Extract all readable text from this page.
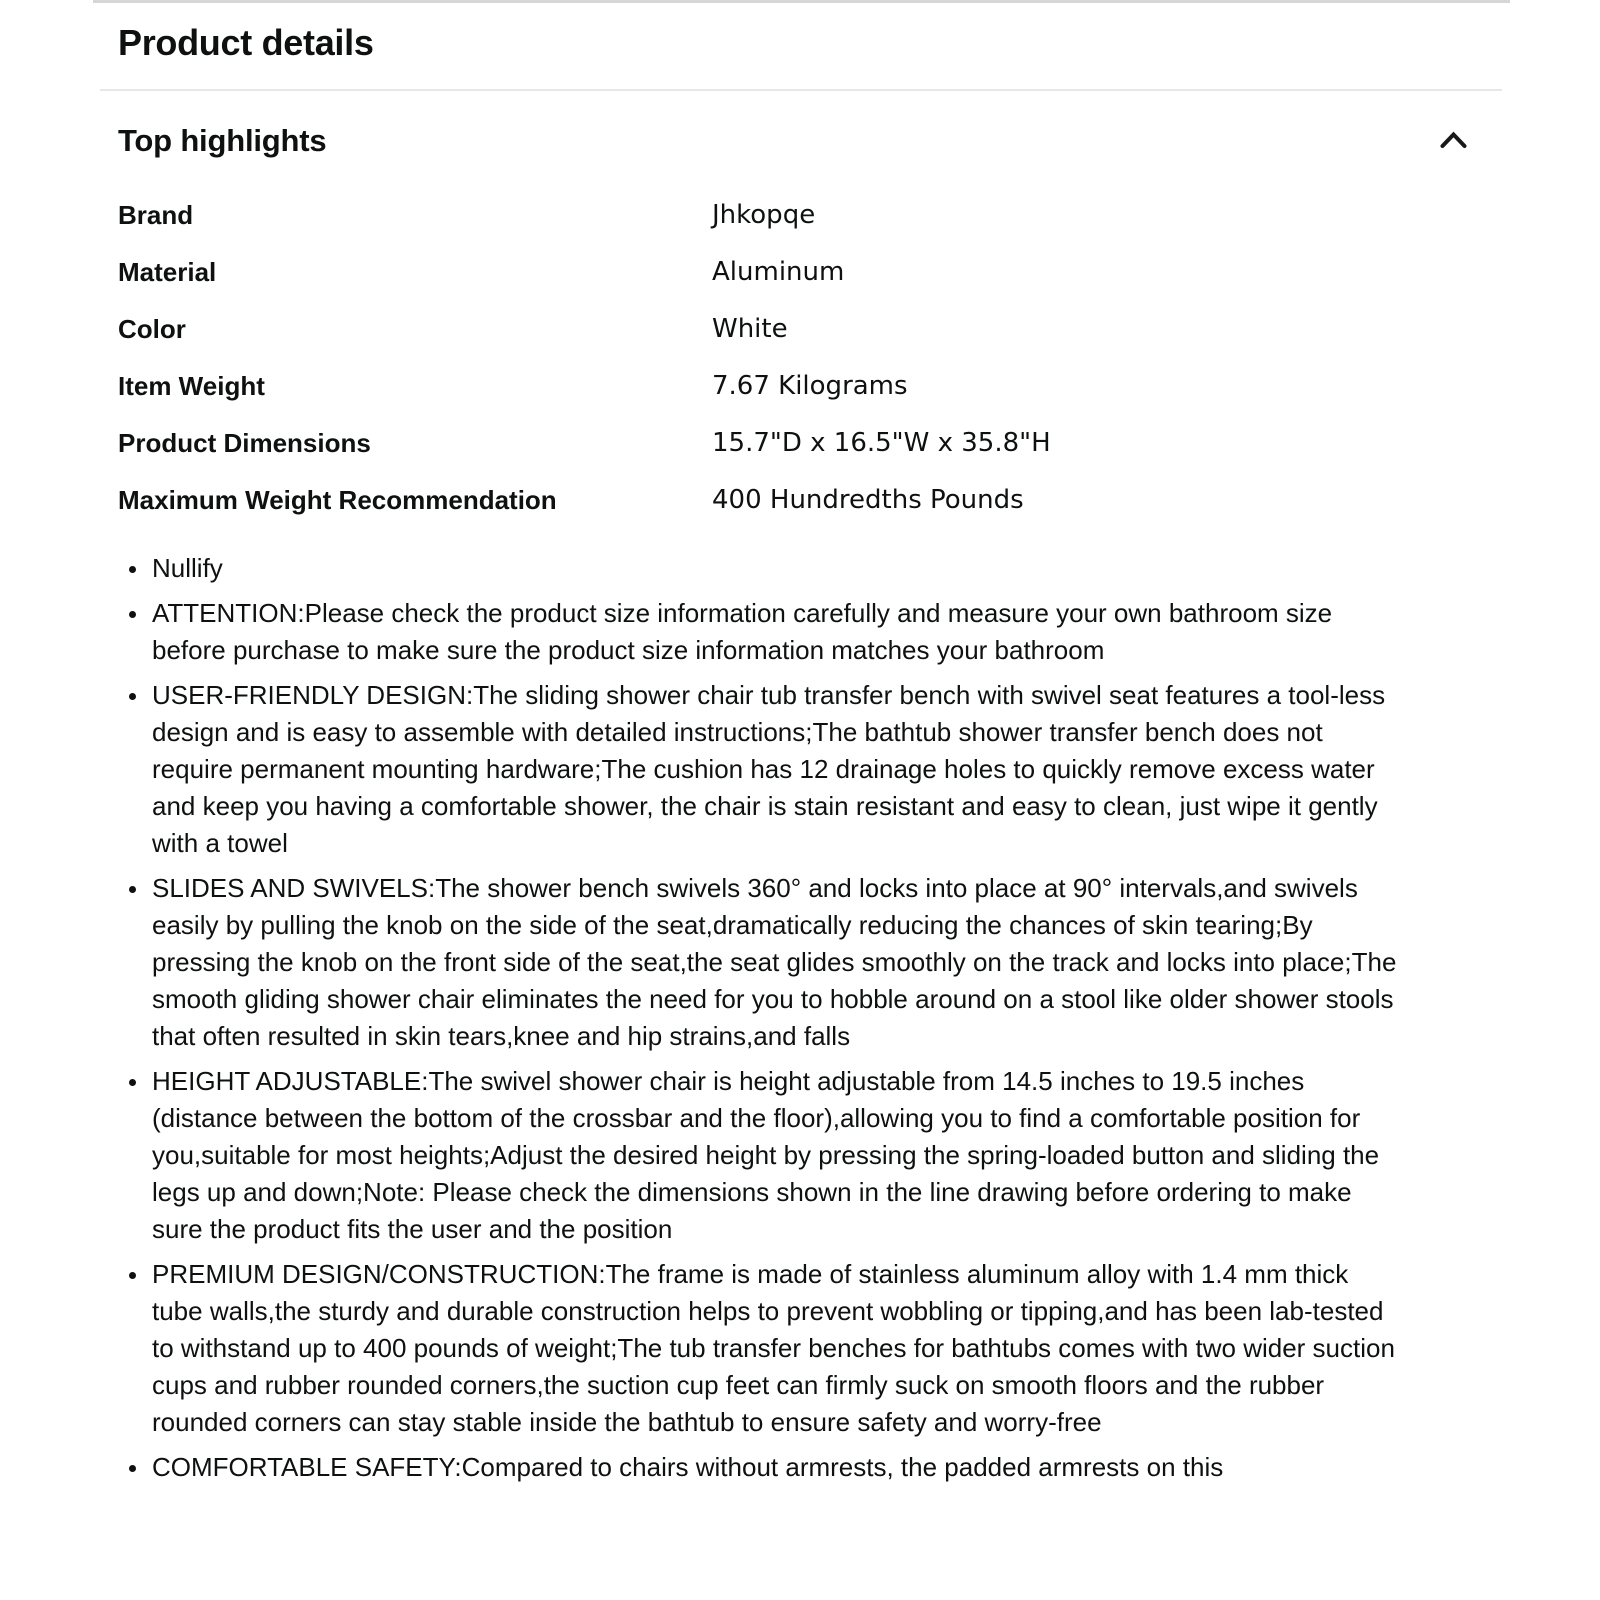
Product details
Top highlights
Brand	Jhkopqe
Material	Aluminum
Color	White
Item Weight	7.67 Kilograms
Product Dimensions	15.7"D x 16.5"W x 35.8"H
Maximum Weight Recommendation	400 Hundredths Pounds
• Nullify
• ATTENTION:Please check the product size information carefully and measure your own bathroom size before purchase to make sure the product size information matches your bathroom
• USER-FRIENDLY DESIGN:The sliding shower chair tub transfer bench with swivel seat features a tool-less design and is easy to assemble with detailed instructions;The bathtub shower transfer bench does not require permanent mounting hardware;The cushion has 12 drainage holes to quickly remove excess water and keep you having a comfortable shower, the chair is stain resistant and easy to clean, just wipe it gently with a towel
• SLIDES AND SWIVELS:The shower bench swivels 360° and locks into place at 90° intervals,and swivels easily by pulling the knob on the side of the seat,dramatically reducing the chances of skin tearing;By pressing the knob on the front side of the seat,the seat glides smoothly on the track and locks into place;The smooth gliding shower chair eliminates the need for you to hobble around on a stool like older shower stools that often resulted in skin tears,knee and hip strains,and falls
• HEIGHT ADJUSTABLE:The swivel shower chair is height adjustable from 14.5 inches to 19.5 inches (distance between the bottom of the crossbar and the floor),allowing you to find a comfortable position for you,suitable for most heights;Adjust the desired height by pressing the spring-loaded button and sliding the legs up and down;Note: Please check the dimensions shown in the line drawing before ordering to make sure the product fits the user and the position
• PREMIUM DESIGN/CONSTRUCTION:The frame is made of stainless aluminum alloy with 1.4 mm thick tube walls,the sturdy and durable construction helps to prevent wobbling or tipping,and has been lab-tested to withstand up to 400 pounds of weight;The tub transfer benches for bathtubs comes with two wider suction cups and rubber rounded corners,the suction cup feet can firmly suck on smooth floors and the rubber rounded corners can stay stable inside the bathtub to ensure safety and worry-free
• COMFORTABLE SAFETY:Compared to chairs without armrests, the padded armrests on this
